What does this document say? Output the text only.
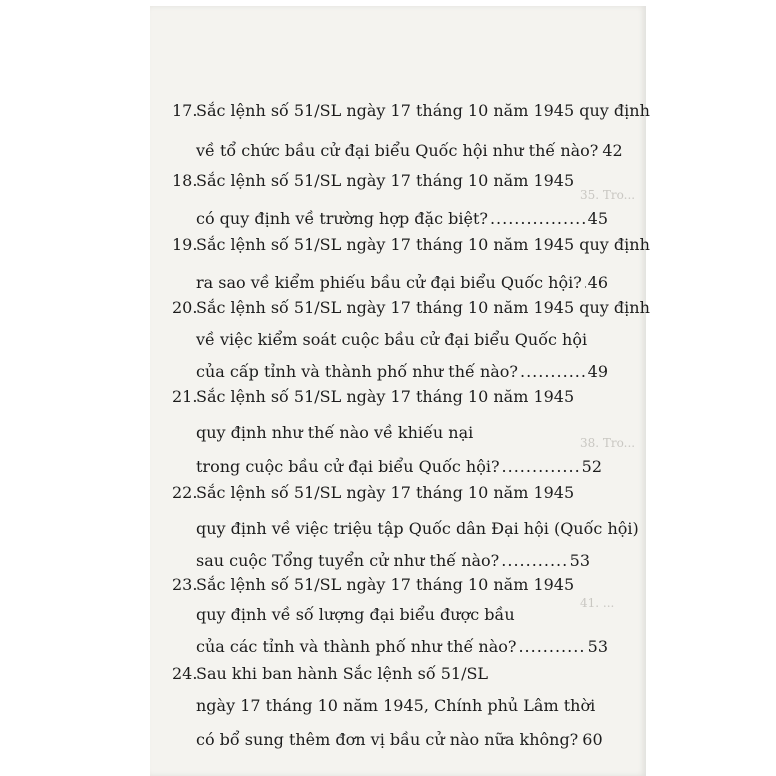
35. Tro...
38. Tro...
41. ...
17.Sắc lệnh số 51/SL ngày 17 tháng 10 năm 1945 quy định
về tổ chức bầu cử đại biểu Quốc hội như thế nào? 42
18.Sắc lệnh số 51/SL ngày 17 tháng 10 năm 1945
có quy định về trường hợp đặc biệt? .....	45
19.Sắc lệnh số 51/SL ngày 17 tháng 10 năm 1945 quy định
ra sao về kiểm phiếu bầu cử đại biểu Quốc hội? ..... 46
20.Sắc lệnh số 51/SL ngày 17 tháng 10 năm 1945 quy định
về việc kiểm soát cuộc bầu cử đại biểu Quốc hội
của cấp tỉnh và thành phố như thế nào? .....	49
21.Sắc lệnh số 51/SL ngày 17 tháng 10 năm 1945
quy định như thế nào về khiếu nại
trong cuộc bầu cử đại biểu Quốc hội? .....	52
22.Sắc lệnh số 51/SL ngày 17 tháng 10 năm 1945
quy định về việc triệu tập Quốc dân Đại hội (Quốc hội)
sau cuộc Tổng tuyển cử như thế nào? .....	53
23.Sắc lệnh số 51/SL ngày 17 tháng 10 năm 1945
quy định về số lượng đại biểu được bầu
của các tỉnh và thành phố như thế nào? .....	53
24.Sau khi ban hành Sắc lệnh số 51/SL
ngày 17 tháng 10 năm 1945, Chính phủ Lâm thời
có bổ sung thêm đơn vị bầu cử nào nữa không? 60
